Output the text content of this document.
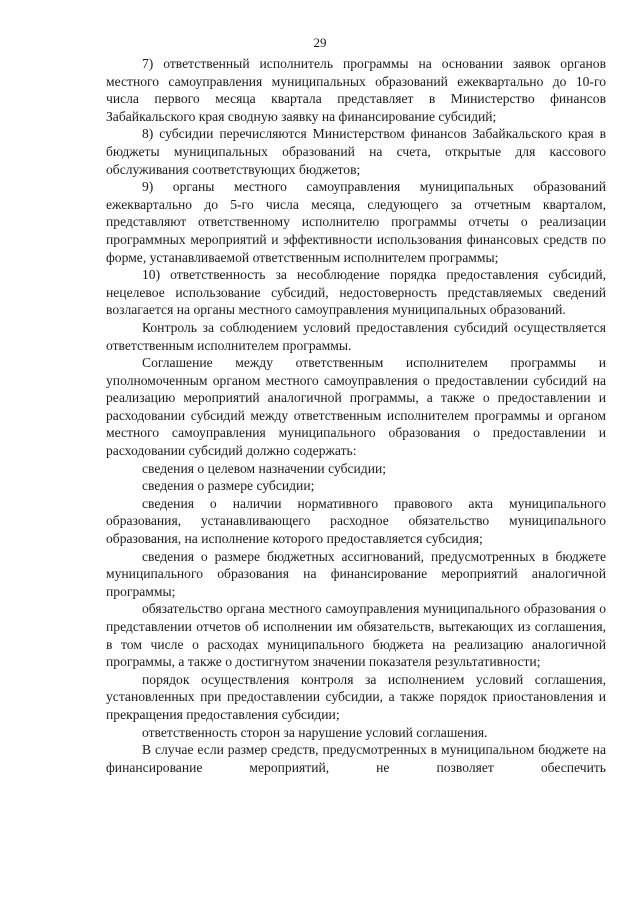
29

7) ответственный исполнитель программы на основании заявок органов местного самоуправления муниципальных образований ежеквартально до 10-го числа первого месяца квартала представляет в Министерство финансов Забайкальского края сводную заявку на финансирование субсидий;

8) субсидии перечисляются Министерством финансов Забайкальского края в бюджеты муниципальных образований на счета, открытые для кассового обслуживания соответствующих бюджетов;

9) органы местного самоуправления муниципальных образований ежеквартально до 5-го числа месяца, следующего за отчетным кварталом, представляют ответственному исполнителю программы отчеты о реализации программных мероприятий и эффективности использования финансовых средств по форме, устанавливаемой ответственным исполнителем программы;

10) ответственность за несоблюдение порядка предоставления субсидий, нецелевое использование субсидий, недостоверность представляемых сведений возлагается на органы местного самоуправления муниципальных образований.

Контроль за соблюдением условий предоставления субсидий осуществляется ответственным исполнителем программы.

Соглашение между ответственным исполнителем программы и уполномоченным органом местного самоуправления о предоставлении субсидий на реализацию мероприятий аналогичной программы, а также о предоставлении и расходовании субсидий между ответственным исполнителем программы и органом местного самоуправления муниципального образования о предоставлении и расходовании субсидий должно содержать:

сведения о целевом назначении субсидии;

сведения о размере субсидии;

сведения о наличии нормативного правового акта муниципального образования, устанавливающего расходное обязательство муниципального образования, на исполнение которого предоставляется субсидия;

сведения о размере бюджетных ассигнований, предусмотренных в бюджете муниципального образования на финансирование мероприятий аналогичной программы;

обязательство органа местного самоуправления муниципального образования о представлении отчетов об исполнении им обязательств, вытекающих из соглашения, в том числе о расходах муниципального бюджета на реализацию аналогичной программы, а также о достигнутом значении показателя результативности;

порядок осуществления контроля за исполнением условий соглашения, установленных при предоставлении субсидии, а также порядок приостановления и прекращения предоставления субсидии;

ответственность сторон за нарушение условий соглашения.

В случае если размер средств, предусмотренных в муниципальном бюджете на финансирование мероприятий, не позволяет обеспечить
